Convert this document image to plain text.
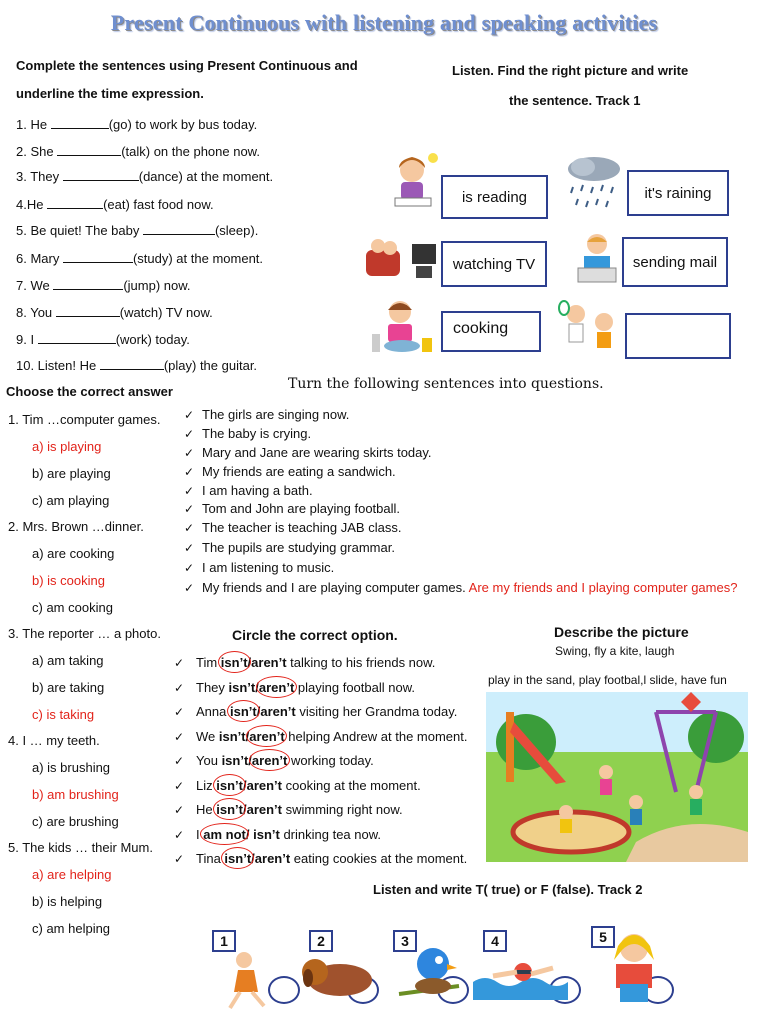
Present Continuous with listening and speaking activities
Complete the sentences using Present Continuous and
underline the time expression.
1. He	(go) to work by bus today.
2. She	(talk) on the phone now.
3. They	(dance) at the moment.
4.He	(eat) fast food now.
5. Be quiet! The baby	(sleep).
6. Mary	(study) at the moment.
7. We	(jump) now.
8. You	(watch) TV now.
9. I	(work) today.
10. Listen! He	(play) the guitar.
Listen. Find the right picture and write
the sentence. Track 1
is reading	it's raining
watching TV	sending mail
cooking
Choose the correct answer
1. Tim …computer games.
a) is playing
b) are playing
c) am playing
2. Mrs. Brown …dinner.
a) are cooking
b) is cooking
c) am cooking
3. The reporter … a photo.
a) am taking
b) are taking
c) is taking
4. I … my teeth.
a) is brushing
b) am brushing
c) are brushing
5. The kids … their Mum.
a) are helping
b) is helping
c) am helping
Turn the following sentences into questions.
✓ The girls are singing now.
✓ The baby is crying.
✓ Mary and Jane are wearing skirts today.
✓ My friends are eating a sandwich.
✓ I am having a bath.
✓ Tom and John are playing football.
✓ The teacher is teaching JAB class.
✓ The pupils are studying grammar.
✓ I am listening to music.
✓ My friends and I are playing computer games. Are my friends and I playing computer games?
Circle the correct option.
✓ Tim isn’t
/aren’t talking to his friends now.
✓ They isn’t/aren’t
playing football now.
✓ Anna isn’t
/aren’t visiting her Grandma today.
✓ We isn’t/aren’t
helping Andrew at the moment.
✓ You isn’t/aren’t
working today.
✓ Liz isn’t
/aren’t cooking at the moment.
✓ He isn’t
/aren’t swimming right now.
✓ I am not
/ isn’t drinking tea now.
✓ Tina isn’t
/aren’t eating cookies at the moment.
Describe the picture
Swing, fly a kite, laugh
play in the sand, play footbal,l slide, have fun
Listen and write T( true) or F (false). Track 2
1	2	3	4	5
